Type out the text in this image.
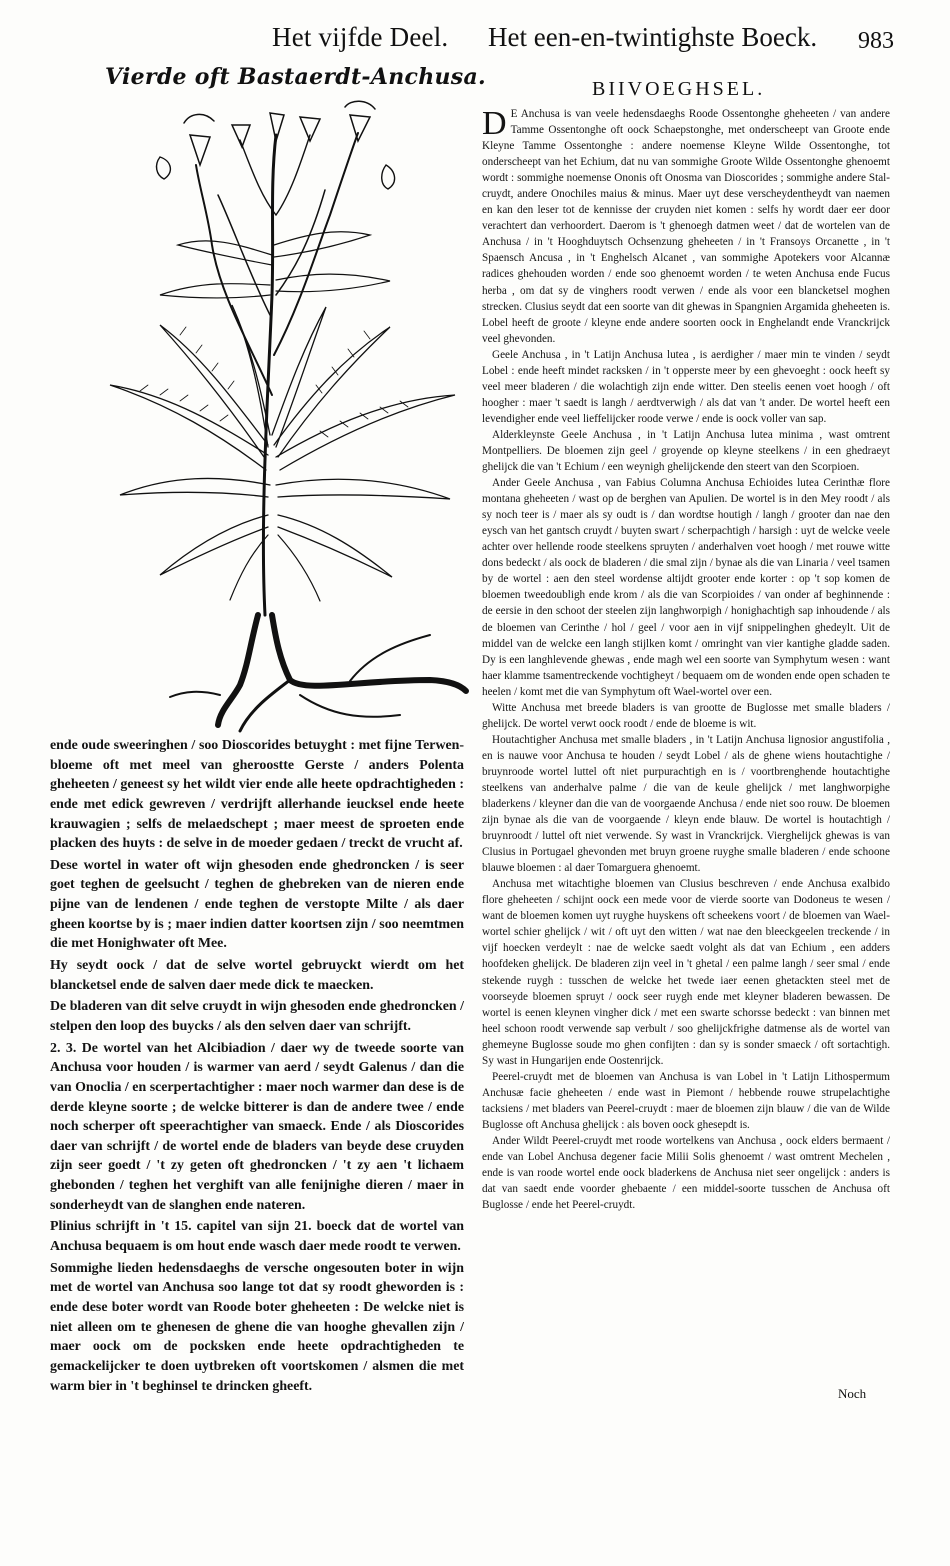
Het vijfde Deel. Het een-en-twintighste Boeck. 983
Vierde oft Bastaerdt-Anchusa.	BIIVOEGHSEL.

D E Anchusa is van veele hedensdaeghs Roode Ossentonghe gheheeten / van andere Tamme Ossentonghe oft oock Schaepstonghe, met onderscheept van Groote ende Kleyne Tamme Ossentonghe : andere noemense Kleyne Wilde Ossentonghe, tot onderscheept van het Echium, dat nu van sommighe Groote Wilde Ossentonghe ghenoemt wordt : sommighe noemense Ononis oft Onosma van Dioscorides ; sommighe andere Stal-cruydt, andere Onochiles maius & minus. Maer uyt dese verscheydentheydt van naemen en kan den leser tot de kennisse der cruyden niet komen : selfs hy wordt daer eer door verachtert dan verhoordert. Daerom is 't ghenoegh datmen weet / dat de wortelen van de Anchusa / in 't Hooghduytsch Ochsenzung gheheeten / in 't Fransoys Orcanette , in 't Spaensch Ancusa , in 't Enghelsch Alcanet , van sommighe Apotekers voor Alcannæ radices ghehouden worden / ende soo ghenoemt worden / te weten Anchusa ende Fucus herba , om dat sy de vinghers roodt verwen / ende als voor een blancketsel moghen strecken. Clusius seydt dat een soorte van dit ghewas in Spangnien Argamida gheheeten is. Lobel heeft de groote / kleyne ende andere soorten oock in Enghelandt ende Vranckrijck veel ghevonden.

Geele Anchusa , in 't Latijn Anchusa lutea , is aerdigher / maer min te vinden / seydt Lobel : ende heeft mindet racksken / in 't opperste meer by een ghevoeght : oock heeft sy veel meer bladeren / die wolachtigh zijn ende witter. Den steelis eenen voet hoogh / oft hoogher : maer 't saedt is langh / aerdtverwigh / als dat van 't ander. De wortel heeft een levendigher ende veel lieffelijcker roode verwe / ende is oock voller van sap.

Alderkleynste Geele Anchusa , in 't Latijn Anchusa lutea minima , wast omtrent Montpelliers. De bloemen zijn geel / groyende op kleyne steelkens / in een ghedraeyt ghelijck die van 't Echium / een weynigh ghelijckende den steert van den Scorpioen.

Ander Geele Anchusa , van Fabius Columna Anchusa Echioides lutea Cerinthæ flore montana gheheeten / wast op de berghen van Apulien. De wortel is in den Mey roodt / als sy noch teer is / maer als sy oudt is / dan wordtse houtigh / langh / grooter dan nae den eysch van het gantsch cruydt / buyten swart / scherpachtigh / harsigh : uyt de welcke veele achter over hellende roode steelkens spruyten / anderhalven voet hoogh / met rouwe witte dons bedeckt / als oock de bladeren / die smal zijn / bynae als die van Linaria / veel tsamen by de wortel : aen den steel wordense altijdt grooter ende korter : op 't sop komen de bloemen tweedoubligh ende krom / als die van Scorpioides / van onder af beghinnende : de eersie in den schoot der steelen zijn langhworpigh / honighachtigh sap inhoudende / als de bloemen van Cerinthe / hol / geel / voor aen in vijf snippelinghen ghedeylt. Uit de middel van de welcke een langh stijlken komt / omringht van vier kantighe gladde saden. Dy is een langhlevende ghewas , ende magh wel een soorte van Symphytum wesen : want haer klamme tsamentreckende vochtigheyt / bequaem om de wonden ende open schaden te heelen / komt met die van Symphytum oft Wael-wortel over een.

Witte Anchusa met breede bladers is van grootte de Buglosse met smalle bladers / ghelijck. De wortel verwt oock roodt / ende de bloeme is wit.

Houtachtigher Anchusa met smalle bladers , in 't Latijn Anchusa lignosior angustifolia , en is nauwe voor Anchusa te houden / seydt Lobel / als de ghene wiens houtachtighe / bruynroode wortel luttel oft niet purpurachtigh en is / voortbrenghende houtachtighe steelkens van anderhalve palme / die van de keule ghelijck / met langhworpighe bladerkens / kleyner dan die van de voorgaende Anchusa / ende niet soo rouw. De bloemen zijn bynae als die van de voorgaende / kleyn ende blauw. De wortel is houtachtigh / bruynroodt / luttel oft niet verwende. Sy wast in Vranckrijck. Vierghelijck ghewas is van Clusius in Portugael ghevonden met bruyn groene ruyghe smalle bladeren / ende schoone blauwe bloemen : al daer Tomarguera ghenoemt.

Anchusa met witachtighe bloemen van Clusius beschreven / ende Anchusa exalbido flore gheheeten / schijnt oock een mede voor de vierde soorte van Dodoneus te wesen / want de bloemen komen uyt ruyghe huyskens oft scheekens voort / de bloemen van Wael-wortel schier ghelijck / wit / oft uyt den witten / wat nae den bleeckgeelen treckende / in vijf hoecken verdeylt : nae de welcke saedt volght als dat van Echium , een adders hoofdeken ghelijck. De bladeren zijn veel in 't ghetal / een palme langh / seer smal / ende stekende ruygh : tusschen de welcke het twede iaer eenen ghetackten steel met de voorseyde bloemen spruyt / oock seer ruygh ende met kleyner bladeren bewassen. De wortel is eenen kleynen vingher dick / met een swarte schorsse bedeckt : van binnen met heel schoon roodt verwende sap verbult / soo ghelijckfrighe datmense als de wortel van ghemeyne Buglosse soude mo ghen confijten : dan sy is sonder smaeck / oft sortachtigh. Sy wast in Hungarijen ende Oostenrijck.

Peerel-cruydt met de bloemen van Anchusa is van Lobel in 't Latijn Lithospermum Anchusæ facie gheheeten / ende wast in Piemont / hebbende rouwe strupelachtighe tacksiens / met bladers van Peerel-cruydt : maer de bloemen zijn blauw / die van de Wilde Buglosse oft Anchusa ghelijck : als boven oock ghesepdt is.

Ander Wildt Peerel-cruydt met roode wortelkens van Anchusa , oock elders bermaent / ende van Lobel Anchusa degener facie Milii Solis ghenoemt / wast omtrent Mechelen , ende is van roode wortel ende oock bladerkens de Anchusa niet seer ongelijck : anders is dat van saedt ende voorder ghebaente / een middel-soorte tusschen de Anchusa oft Buglosse / ende het Peerel-cruydt.

ende oude sweeringhen / soo Dioscorides betuyght : met fijne Terwen-bloeme oft met meel van gheroostte Gerste / anders Polenta gheheeten / geneest sy het wildt vier ende alle heete opdrachtigheden : ende met edick gewreven / verdrijft allerhande ieucksel ende heete krauwagien ; selfs de melaedschept ; maer meest de sproeten ende placken des huyts : de selve in de moeder gedaen / treckt de vrucht af.

Dese wortel in water oft wijn ghesoden ende ghedroncken / is seer goet teghen de geelsucht / teghen de ghebreken van de nieren ende pijne van de lendenen / ende teghen de verstopte Milte / als daer gheen koortse by is ; maer indien datter koortsen zijn / soo neemtmen die met Honighwater oft Mee.

Hy seydt oock / dat de selve wortel gebruyckt wierdt om het blancketsel ende de salven daer mede dick te maecken.

De bladeren van dit selve cruydt in wijn ghesoden ende ghedroncken / stelpen den loop des buycks / als den selven daer van schrijft.

2. 3. De wortel van het Alcibiadion / daer wy de tweede soorte van Anchusa voor houden / is warmer van aerd / seydt Galenus / dan die van Onoclia / en scerpertachtigher : maer noch warmer dan dese is de derde kleyne soorte ; de welcke bitterer is dan de andere twee / ende noch scherper oft speerachtigher van smaeck. Ende / als Dioscorides daer van schrijft / de wortel ende de bladers van beyde dese cruyden zijn seer goedt / 't zy geten oft ghedroncken / 't zy aen 't lichaem ghebonden / teghen het verghift van alle fenijnighe dieren / maer in sonderheydt van de slanghen ende nateren.

Plinius schrijft in 't 15. capitel van sijn 21. boeck dat de wortel van Anchusa bequaem is om hout ende wasch daer mede roodt te verwen.

Sommighe lieden hedensdaeghs de versche ongesouten boter in wijn met de wortel van Anchusa soo lange tot dat sy roodt gheworden is : ende dese boter wordt van Roode boter gheheeten : De welcke niet is niet alleen om te ghenesen de ghene die van hooghe ghevallen zijn / maer oock om de pocksken ende heete opdrachtigheden te gemackelijcker te doen uytbreken oft voortskomen / alsmen die met warm bier in 't beghinsel te drincken gheeft.	Noch
